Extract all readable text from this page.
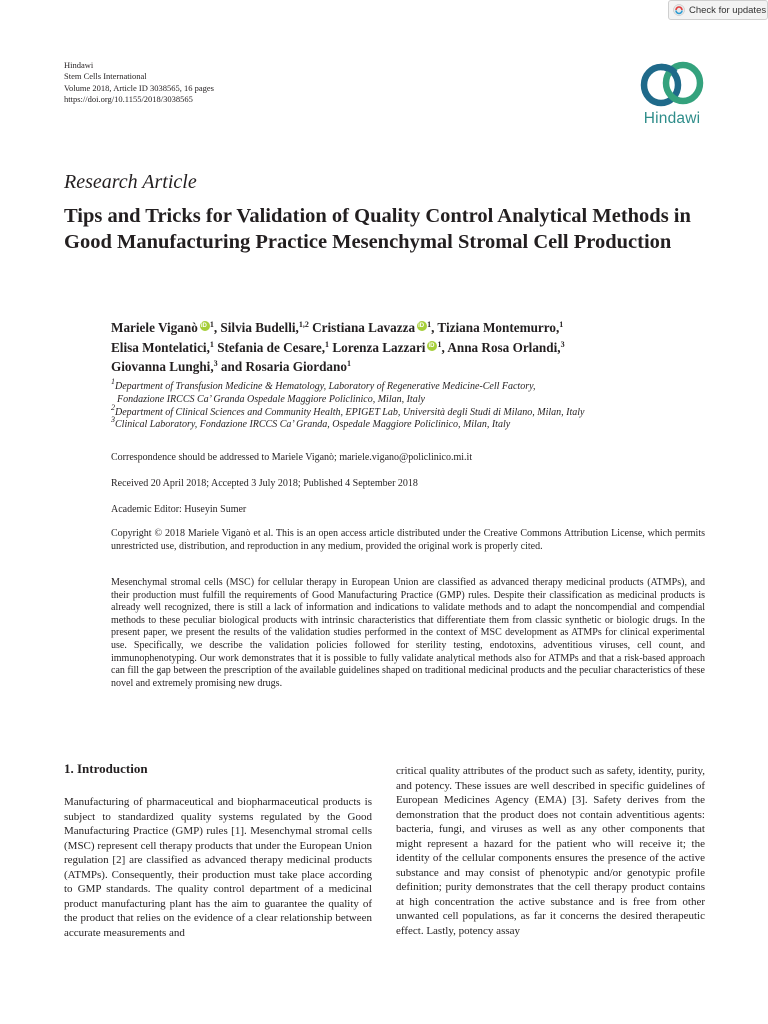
Check for updates
Hindawi
Stem Cells International
Volume 2018, Article ID 3038565, 16 pages
https://doi.org/10.1155/2018/3038565
Hindawi
Research Article
Tips and Tricks for Validation of Quality Control Analytical Methods in Good Manufacturing Practice Mesenchymal Stromal Cell Production
Mariele Viganò iD $^1$, Silvia Budelli,$^{1,2}$ Cristiana Lavazza iD $^1$, Tiziana Montemurro,$^1$
Elisa Montelatici,$^1$ Stefania de Cesare,$^1$ Lorenza Lazzari iD $^1$, Anna Rosa Orlandi,$^3$
Giovanna Lunghi,$^3$ and Rosaria Giordano$^1$
$^1$Department of Transfusion Medicine & Hematology, Laboratory of Regenerative Medicine-Cell Factory,
Fondazione IRCCS Ca’ Granda Ospedale Maggiore Policlinico, Milan, Italy
$^2$Department of Clinical Sciences and Community Health, EPIGET Lab, Università degli Studi di Milano, Milan, Italy
$^3$Clinical Laboratory, Fondazione IRCCS Ca’ Granda, Ospedale Maggiore Policlinico, Milan, Italy
Correspondence should be addressed to Mariele Viganò; mariele.vigano@policlinico.mi.it
Received 20 April 2018; Accepted 3 July 2018; Published 4 September 2018
Academic Editor: Huseyin Sumer
Copyright © 2018 Mariele Viganò et al. This is an open access article distributed under the Creative Commons Attribution License, which permits unrestricted use, distribution, and reproduction in any medium, provided the original work is properly cited.
Mesenchymal stromal cells (MSC) for cellular therapy in European Union are classified as advanced therapy medicinal products (ATMPs), and their production must fulfill the requirements of Good Manufacturing Practice (GMP) rules. Despite their classification as medicinal products is already well recognized, there is still a lack of information and indications to validate methods and to adapt the noncompendial and compendial methods to these peculiar biological products with intrinsic characteristics that differentiate them from classic synthetic or biologic drugs. In the present paper, we present the results of the validation studies performed in the context of MSC development as ATMPs for clinical experimental use. Specifically, we describe the validation policies followed for sterility testing, endotoxins, adventitious viruses, cell count, and immunophenotyping. Our work demonstrates that it is possible to fully validate analytical methods also for ATMPs and that a risk-based approach can fill the gap between the prescription of the available guidelines shaped on traditional medicinal products and the peculiar characteristics of these novel and extremely promising new drugs.
1. Introduction
Manufacturing of pharmaceutical and biopharmaceutical products is subject to standardized quality systems regulated by the Good Manufacturing Practice (GMP) rules [1]. Mesenchymal stromal cells (MSC) represent cell therapy products that under the European Union regulation [2] are classified as advanced therapy medicinal products (ATMPs). Consequently, their production must take place according to GMP standards. The quality control department of a medicinal product manufacturing plant has the aim to guarantee the quality of the product that relies on the evidence of a clear relationship between accurate measurements and
critical quality attributes of the product such as safety, identity, purity, and potency. These issues are well described in specific guidelines of European Medicines Agency (EMA) [3]. Safety derives from the demonstration that the product does not contain adventitious agents: bacteria, fungi, and viruses as well as any other components that might represent a hazard for the patient who will receive it; the identity of the cellular components ensures the presence of the active substance and may consist of phenotypic and/or genotypic profile definition; purity demonstrates that the cell therapy product contains at high concentration the active substance and is free from other unwanted cell populations, as far it concerns the desired therapeutic effect. Lastly, potency assay
